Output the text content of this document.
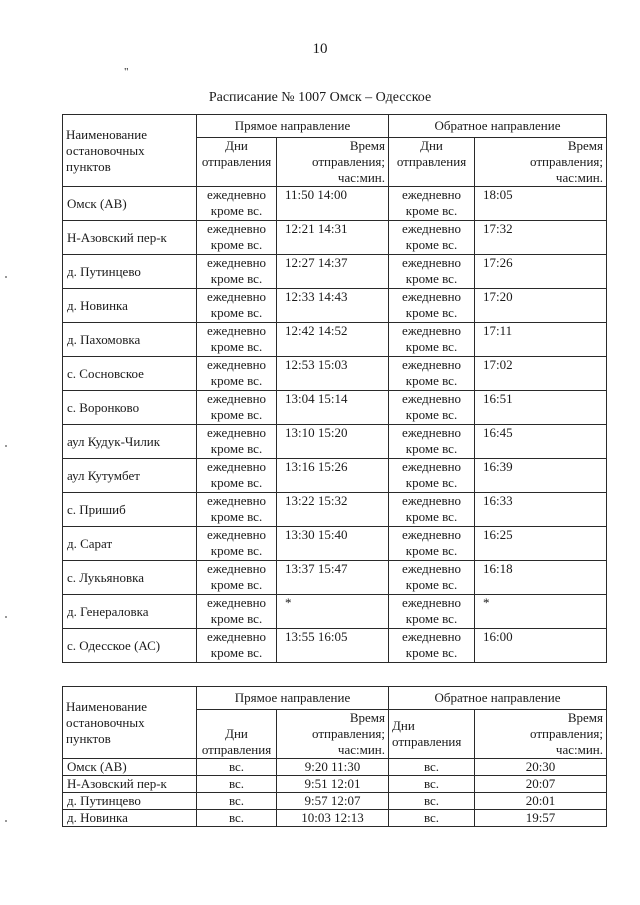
10
"
Расписание № 1007 Омск – Одесское
Наименование
остановочных
пунктов	Прямое направление		Обратное направление	
	Дни
отправления	Время
отправления;
час:мин.	Дни
отправления	Время
отправления;
час:мин.
Омск (АВ)	ежедневно
кроме вс.	11:50 14:00	ежедневно
кроме вс.	18:05
Н-Азовский пер-к	ежедневно
кроме вс.	12:21 14:31	ежедневно
кроме вс.	17:32
д. Путинцево	ежедневно
кроме вс.	12:27 14:37	ежедневно
кроме вс.	17:26
д. Новинка	ежедневно
кроме вс.	12:33 14:43	ежедневно
кроме вс.	17:20
д. Пахомовка	ежедневно
кроме вс.	12:42 14:52	ежедневно
кроме вс.	17:11
с. Сосновское	ежедневно
кроме вс.	12:53 15:03	ежедневно
кроме вс.	17:02
с. Воронково	ежедневно
кроме вс.	13:04 15:14	ежедневно
кроме вс.	16:51
аул Кудук-Чилик	ежедневно
кроме вс.	13:10 15:20	ежедневно
кроме вс.	16:45
аул Кутумбет	ежедневно
кроме вс.	13:16 15:26	ежедневно
кроме вс.	16:39
с. Пришиб	ежедневно
кроме вс.	13:22 15:32	ежедневно
кроме вс.	16:33
д. Сарат	ежедневно
кроме вс.	13:30 15:40	ежедневно
кроме вс.	16:25
с. Лукьяновка	ежедневно
кроме вс.	13:37 15:47	ежедневно
кроме вс.	16:18
д. Генераловка	ежедневно
кроме вс.	*	ежедневно
кроме вс.	*
с. Одесское (АС)	ежедневно
кроме вс.	13:55 16:05	ежедневно
кроме вс.	16:00
Наименование
остановочных
пунктов	Прямое направление		Обратное направление	
	Дни
отправления	Время
отправления;
час:мин.	Дни
отправления	Время
отправления;
час:мин.
Омск (АВ)	вс.	9:20 11:30	вс.	20:30
Н-Азовский пер-к	вс.	9:51 12:01	вс.	20:07
д. Путинцево	вс.	9:57 12:07	вс.	20:01
д. Новинка	вс.	10:03 12:13	вс.	19:57
